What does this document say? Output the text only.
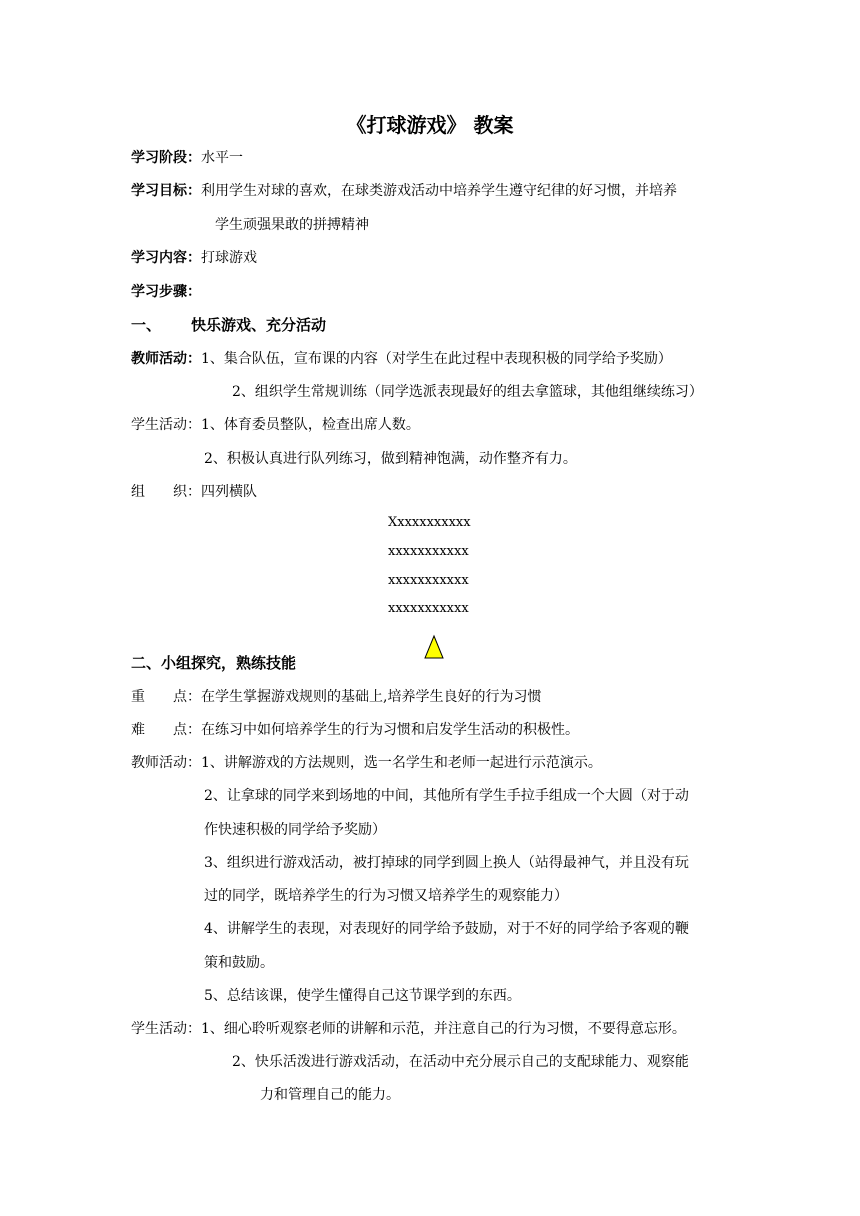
《打球游戏》 教案
学习阶段：水平一
学习目标：利用学生对球的喜欢，在球类游戏活动中培养学生遵守纪律的好习惯，并培养
学生顽强果敢的拼搏精神
学习内容：打球游戏
学习步骤：
一、 快乐游戏、充分活动
教师活动：1、集合队伍，宣布课的内容（对学生在此过程中表现积极的同学给予奖励）
2、组织学生常规训练（同学选派表现最好的组去拿篮球，其他组继续练习）
学生活动：1、体育委员整队，检查出席人数。
2、积极认真进行队列练习，做到精神饱满，动作整齐有力。
组　　织：四列横队
Xxxxxxxxxxx
xxxxxxxxxxx
xxxxxxxxxxx
xxxxxxxxxxx
二、小组探究，熟练技能
重　　点：在学生掌握游戏规则的基础上,培养学生良好的行为习惯
难　　点：在练习中如何培养学生的行为习惯和启发学生活动的积极性。
教师活动：1、讲解游戏的方法规则，选一名学生和老师一起进行示范演示。
2、让拿球的同学来到场地的中间，其他所有学生手拉手组成一个大圆（对于动
作快速积极的同学给予奖励）
3、组织进行游戏活动，被打掉球的同学到圆上换人（站得最神气，并且没有玩
过的同学，既培养学生的行为习惯又培养学生的观察能力）
4、讲解学生的表现，对表现好的同学给予鼓励，对于不好的同学给予客观的鞭
策和鼓励。
5、总结该课，使学生懂得自己这节课学到的东西。
学生活动：1、细心聆听观察老师的讲解和示范，并注意自己的行为习惯，不要得意忘形。
2、快乐活泼进行游戏活动，在活动中充分展示自己的支配球能力、观察能
力和管理自己的能力。
